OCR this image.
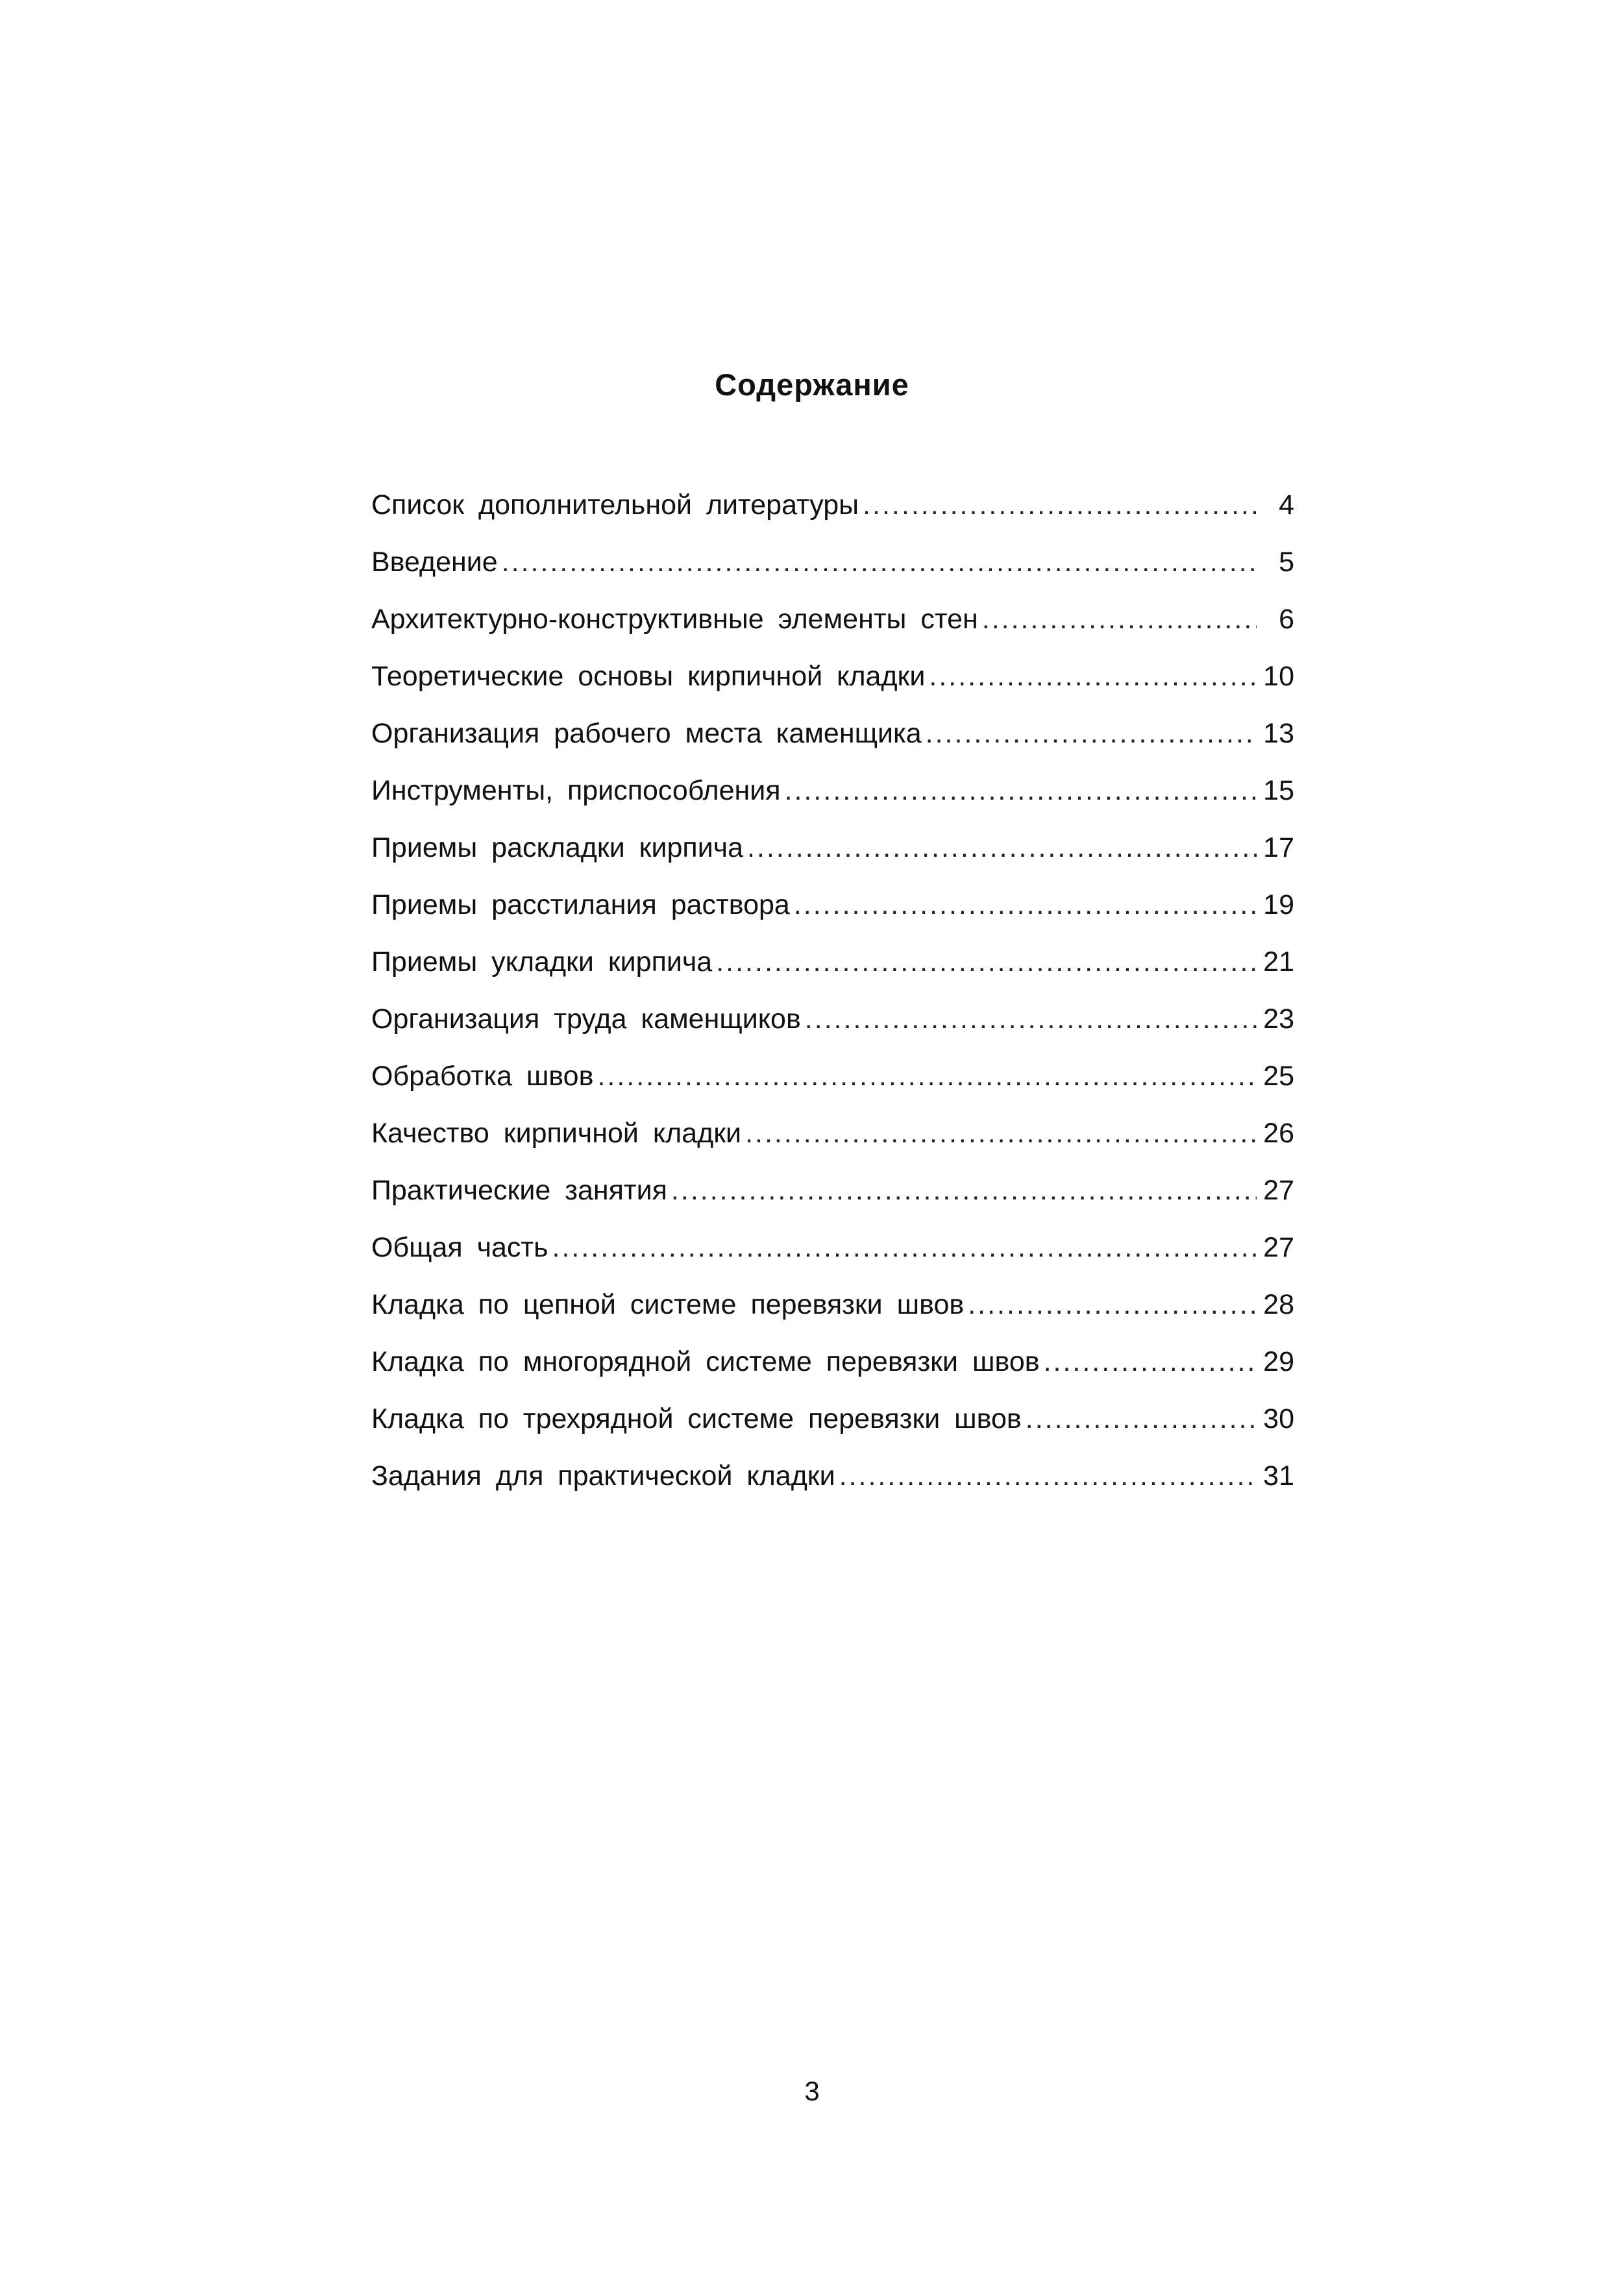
Содержание
Список дополнительной литературы .....	4
Введение .....	5
Архитектурно-конструктивные элементы стен .....	6
Теоретические основы кирпичной кладки .....	10
Организация рабочего места каменщика .....	13
Инструменты, приспособления .....	15
Приемы раскладки кирпича .....	17
Приемы расстилания раствора .....	19
Приемы укладки кирпича .....	21
Организация труда каменщиков .....	23
Обработка швов .....	25
Качество кирпичной кладки .....	26
Практические занятия .....	27
Общая часть .....	27
Кладка по цепной системе перевязки швов .....	28
Кладка по многорядной системе перевязки швов .....	29
Кладка по трехрядной системе перевязки швов .....	30
Задания для практической кладки .....	31
3
